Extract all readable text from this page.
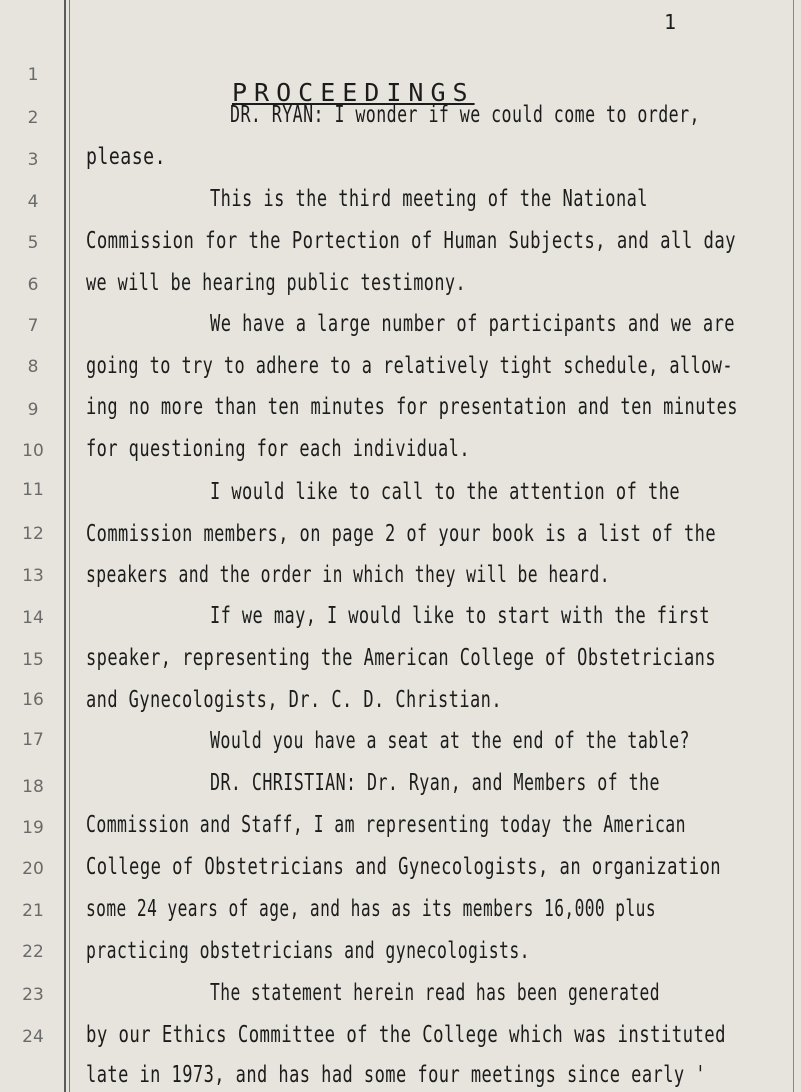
1
PROCEEDINGS
1
2
3
4
5
6
7
8
9
10
11
12
13
14
15
16
17
18
19
20
21
22
23
24
DR. RYAN: I wonder if we could come to order,
please.
This is the third meeting of the National
Commission for the Portection of Human Subjects, and all day
we will be hearing public testimony.
We have a large number of participants and we are
going to try to adhere to a relatively tight schedule, allow-
ing no more than ten minutes for presentation and ten minutes
for questioning for each individual.
I would like to call to the attention of the
Commission members, on page 2 of your book is a list of the
speakers and the order in which they will be heard.
If we may, I would like to start with the first
speaker, representing the American College of Obstetricians
and Gynecologists, Dr. C. D. Christian.
Would you have a seat at the end of the table?
DR. CHRISTIAN: Dr. Ryan, and Members of the
Commission and Staff, I am representing today the American
College of Obstetricians and Gynecologists, an organization
some 24 years of age, and has as its members 16,000 plus
practicing obstetricians and gynecologists.
The statement herein read has been generated
by our Ethics Committee of the College which was instituted
late in 1973, and has had some four meetings since early '
